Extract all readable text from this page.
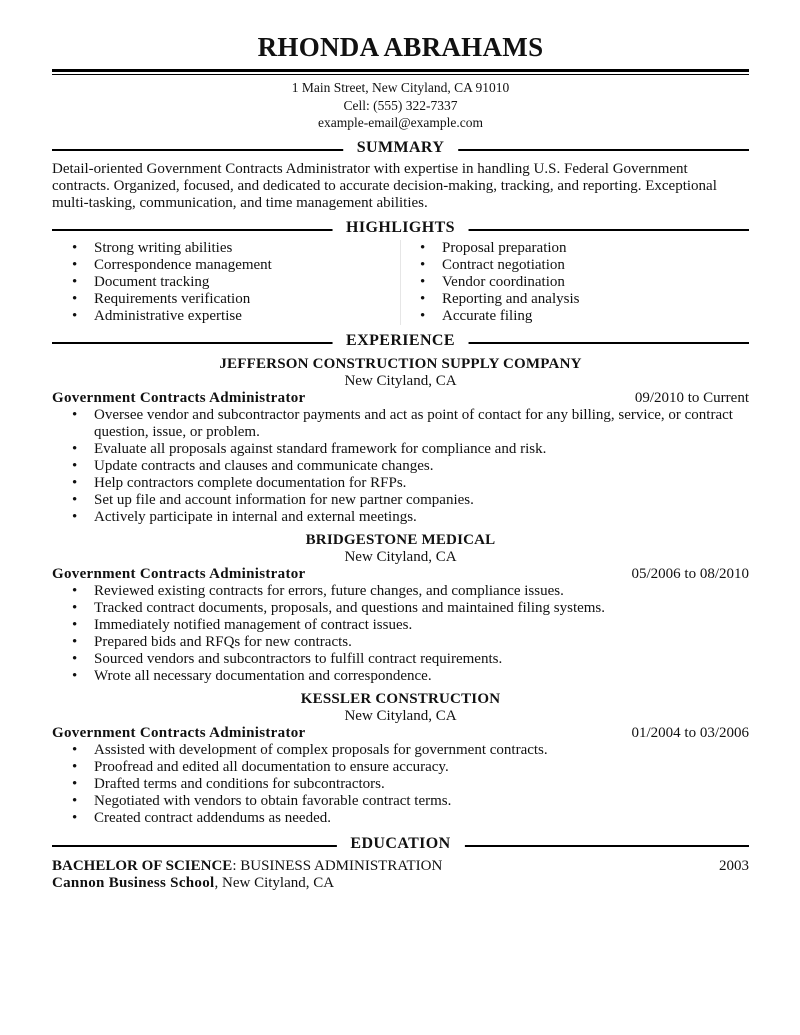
RHONDA ABRAHAMS
1 Main Street, New Cityland, CA 91010
Cell: (555) 322-7337
example-email@example.com
SUMMARY
Detail-oriented Government Contracts Administrator with expertise in handling U.S. Federal Government contracts. Organized, focused, and dedicated to accurate decision-making, tracking, and reporting. Exceptional multi-tasking, communication, and time management abilities.
HIGHLIGHTS
• Strong writing abilities
• Correspondence management
• Document tracking
• Requirements verification
• Administrative expertise
• Proposal preparation
• Contract negotiation
• Vendor coordination
• Reporting and analysis
• Accurate filing
EXPERIENCE
JEFFERSON CONSTRUCTION SUPPLY COMPANY
New Cityland, CA
Government Contracts Administrator	09/2010 to Current
• Oversee vendor and subcontractor payments and act as point of contact for any billing, service, or contract question, issue, or problem.
• Evaluate all proposals against standard framework for compliance and risk.
• Update contracts and clauses and communicate changes.
• Help contractors complete documentation for RFPs.
• Set up file and account information for new partner companies.
• Actively participate in internal and external meetings.
BRIDGESTONE MEDICAL
New Cityland, CA
Government Contracts Administrator	05/2006 to 08/2010
• Reviewed existing contracts for errors, future changes, and compliance issues.
• Tracked contract documents, proposals, and questions and maintained filing systems.
• Immediately notified management of contract issues.
• Prepared bids and RFQs for new contracts.
• Sourced vendors and subcontractors to fulfill contract requirements.
• Wrote all necessary documentation and correspondence.
KESSLER CONSTRUCTION
New Cityland, CA
Government Contracts Administrator	01/2004 to 03/2006
• Assisted with development of complex proposals for government contracts.
• Proofread and edited all documentation to ensure accuracy.
• Drafted terms and conditions for subcontractors.
• Negotiated with vendors to obtain favorable contract terms.
• Created contract addendums as needed.
EDUCATION
BACHELOR OF SCIENCE: BUSINESS ADMINISTRATION	2003
Cannon Business School, New Cityland, CA
